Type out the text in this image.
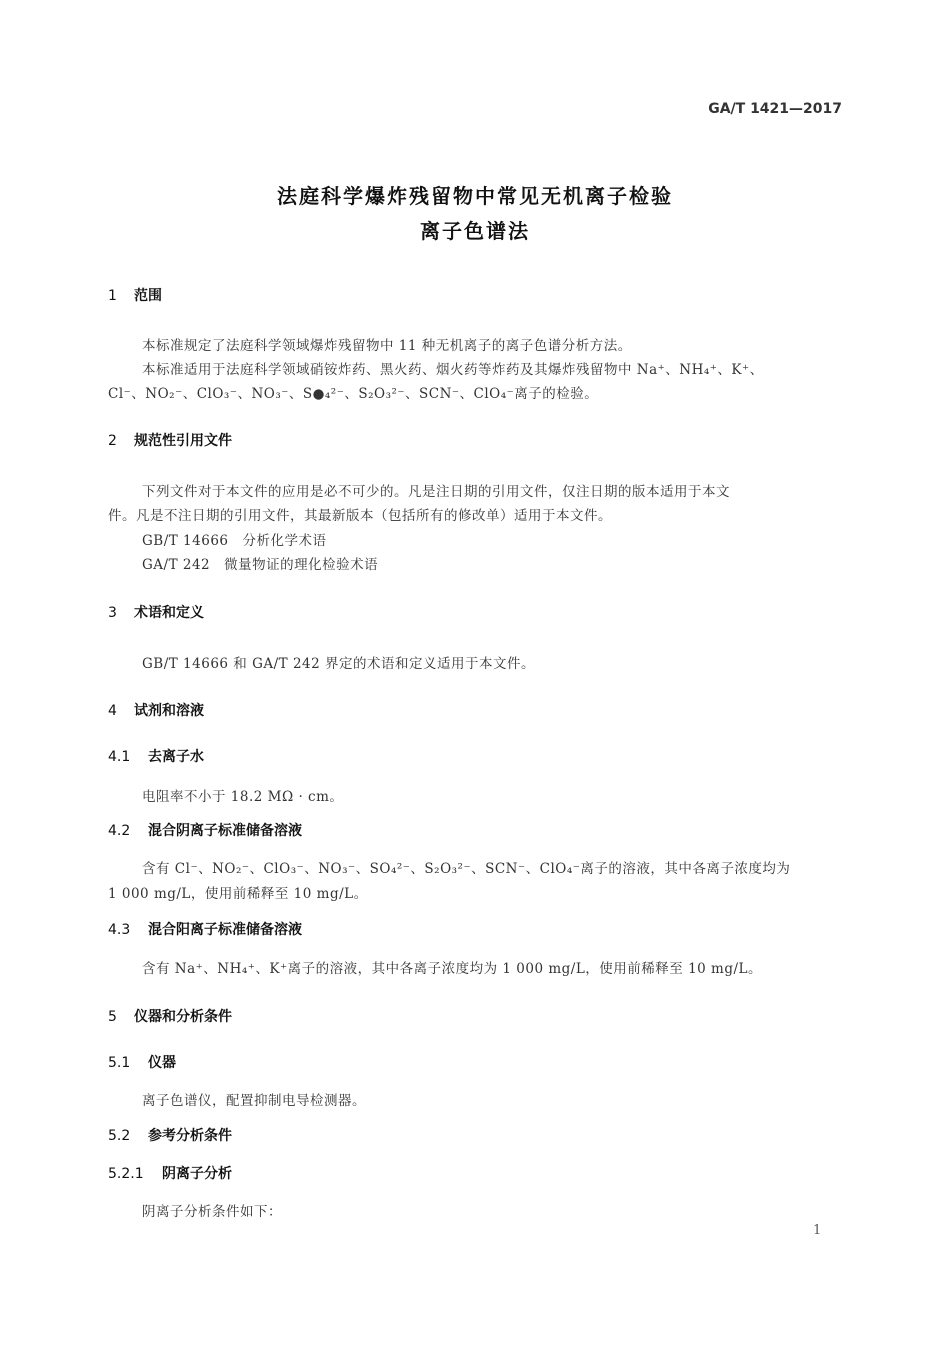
GA/T 1421—2017
法庭科学爆炸残留物中常见无机离子检验
离子色谱法
1 范围
本标准规定了法庭科学领域爆炸残留物中 11 种无机离子的离子色谱分析方法。
本标准适用于法庭科学领域硝铵炸药、黑火药、烟火药等炸药及其爆炸残留物中 Na⁺、NH₄⁺、K⁺、
Cl⁻、NO₂⁻、ClO₃⁻、NO₃⁻、S●₄²⁻、S₂O₃²⁻、SCN⁻、ClO₄⁻离子的检验。
2 规范性引用文件
下列文件对于本文件的应用是必不可少的。凡是注日期的引用文件，仅注日期的版本适用于本文
件。凡是不注日期的引用文件，其最新版本（包括所有的修改单）适用于本文件。
GB/T 14666　分析化学术语
GA/T 242　微量物证的理化检验术语
3 术语和定义
GB/T 14666 和 GA/T 242 界定的术语和定义适用于本文件。
4 试剂和溶液
4.1 去离子水
电阻率不小于 18.2 MΩ · cm。
4.2 混合阴离子标准储备溶液
含有 Cl⁻、NO₂⁻、ClO₃⁻、NO₃⁻、SO₄²⁻、S₂O₃²⁻、SCN⁻、ClO₄⁻离子的溶液，其中各离子浓度均为
1 000 mg/L，使用前稀释至 10 mg/L。
4.3 混合阳离子标准储备溶液
含有 Na⁺、NH₄⁺、K⁺离子的溶液，其中各离子浓度均为 1 000 mg/L，使用前稀释至 10 mg/L。
5 仪器和分析条件
5.1 仪器
离子色谱仪，配置抑制电导检测器。
5.2 参考分析条件
5.2.1 阴离子分析
阴离子分析条件如下：
1
